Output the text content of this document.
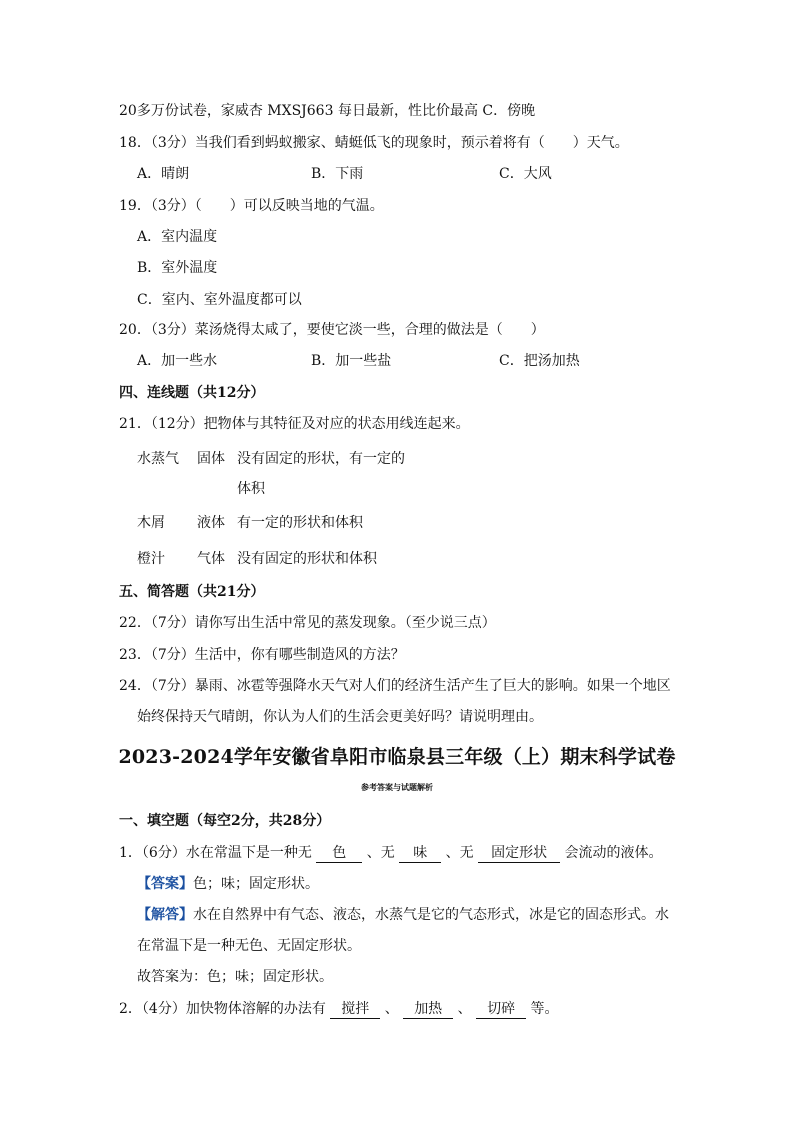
20多万份试卷，家威杏 MXSJ663 每日最新，性比价最高 C．傍晚
18．（3分）当我们看到蚂蚁搬家、蜻蜓低飞的现象时，预示着将有（　　）天气。
A．晴朗	B．下雨	C．大风
19．（3分）（　　）可以反映当地的气温。
A．室内温度
B．室外温度
C．室内、室外温度都可以
20．（3分）菜汤烧得太咸了，要使它淡一些，合理的做法是（　　）
A．加一些水	B．加一些盐	C．把汤加热
四、连线题（共12分）
21．（12分）把物体与其特征及对应的状态用线连起来。
水蒸气 固体 没有固定的形状，有一定的
体积
木屑 液体 有一定的形状和体积
橙汁 气体 没有固定的形状和体积
五、简答题（共21分）
22．（7分）请你写出生活中常见的蒸发现象。（至少说三点）
23．（7分）生活中，你有哪些制造风的方法？
24．（7分）暴雨、冰雹等强降水天气对人们的经济生活产生了巨大的影响。如果一个地区
始终保持天气晴朗，你认为人们的生活会更美好吗？请说明理由。
2023-2024学年安徽省阜阳市临泉县三年级（上）期末科学试卷
参考答案与试题解析
一、填空题（每空2分，共28分）
1．（6分）水在常温下是一种无 色 、无 味 、无 固定形状 会流动的液体。
【答案】色；味；固定形状。
【解答】水在自然界中有气态、液态，水蒸气是它的气态形式，冰是它的固态形式。水
在常温下是一种无色、无固定形状。
故答案为：色；味；固定形状。
2．（4分）加快物体溶解的办法有 搅拌 、 加热 、 切碎 等。
